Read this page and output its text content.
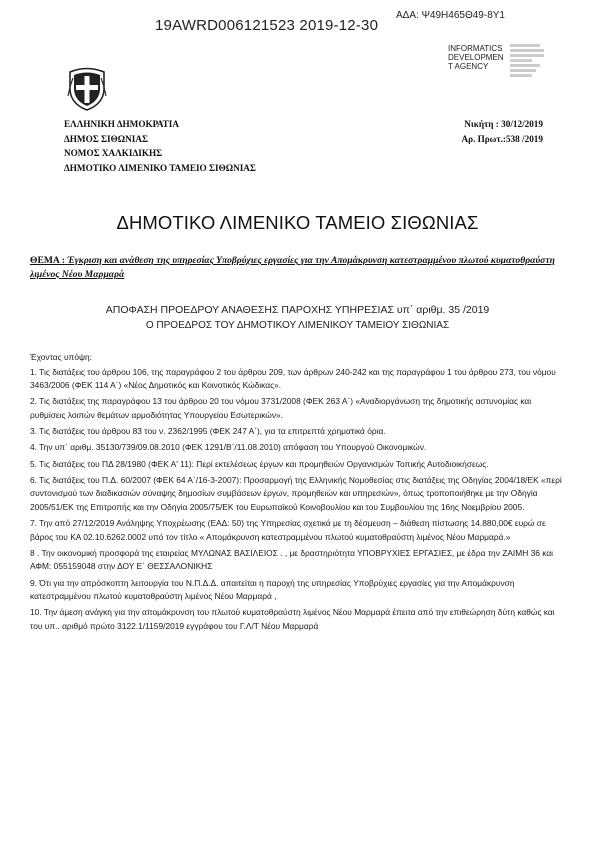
19AWRD006121523 2019-12-30
ΑΔΑ: Ψ49Η465Θ49-8Υ1
INFORMATICS
DEVELOPMEN
T AGENCY
ΕΛΛΗΝΙΚΗ ΔΗΜΟΚΡΑΤΙΑ
ΔΗΜΟΣ ΣΙΘΩΝΙΑΣ
ΝΟΜΟΣ ΧΑΛΚΙΔΙΚΗΣ
ΔΗΜΟΤΙΚΟ ΛΙΜΕΝΙΚΟ ΤΑΜΕΙΟ ΣΙΘΩΝΙΑΣ
Νικήτη : 30/12/2019
Αρ. Πρωτ.:538 /2019
ΔΗΜΟΤΙΚΟ ΛΙΜΕΝΙΚΟ ΤΑΜΕΙΟ ΣΙΘΩΝΙΑΣ
ΘΕΜΑ : Έγκριση και ανάθεση της υπηρεσίας Υποβρύχιες εργασίες για την Απομάκρυνση κατεστραμμένου πλωτού κυματοθραύστη λιμένος Νέου Μαρμαρά
ΑΠΟΦΑΣΗ ΠΡΟΕΔΡΟΥ ΑΝΑΘΕΣΗΣ ΠΑΡΟΧΗΣ ΥΠΗΡΕΣΙΑΣ υπ΄ αριθμ. 35 /2019
Ο ΠΡΟΕΔΡΟΣ ΤΟΥ ΔΗΜΟΤΙΚΟΥ ΛΙΜΕΝΙΚΟΥ ΤΑΜΕΙΟΥ ΣΙΘΩΝΙΑΣ

Έχοντας υπόψη:

1. Τις διατάξεις του άρθρου 106, της παραγράφου 2 του άρθρου 209, των άρθρων 240-242 και της παραγράφου 1 του άρθρου 273, του νόμου 3463/2006 (ΦΕΚ 114 Α΄) «Νέος Δημοτικός και Κοινοτικός Κώδικας».

2. Τις διατάξεις της παραγράφου 13 του άρθρου 20 του νόμου 3731/2008 (ΦΕΚ 263 Α΄) «Αναδιοργάνωση της δημοτικής αστυνομίας και ρυθμίσεις λοιπών θεμάτων αρμοδιότητας Υπουργείου Εσωτερικών».

3. Τις διατάξεις του άρθρου 83 του ν. 2362/1995 (ΦΕΚ 247 Α΄), για τα επιτρεπτά χρηματικά όρια.

4. Την υπ΄ αριθμ. 35130/739/09.08.2010 (ΦΕΚ 1291/Β΄/11.08.2010) απόφαση του Υπουργού Οικονομικών.

5. Τις διατάξεις του ΠΔ 28/1980 (ΦΕΚ Α' 11): Περί εκτελέσεως έργων και προμηθειών Οργανισμών Τοπικής Αυτοδιοικήσεως.

6. Τις διατάξεις του Π.Δ. 60/2007 (ΦΕΚ 64 Α΄/16-3-2007): Προσαρμογή της Ελληνικής Νομοθεσίας στις διατάξεις της Οδηγίας 2004/18/ΕΚ «περί συντονισμού των διαδικασιών σύναψης δημοσίων συμβάσεων έργων, προμηθειών και υπηρεσιών», όπως τροποποιήθηκε με την Οδηγία 2005/51/ΕΚ της Επιτροπής και την Οδηγία 2005/75/ΕΚ του Ευρωπαϊκού Κοινοβουλίου και του Συμβουλίου της 16ης Νοεμβρίου 2005.

7. Την από 27/12/2019 Ανάληψης Υποχρέωσης (ΕΑΔ: 50) της Υπηρεσίας σχετικά με τη δέσμευση – διάθεση πίστωσης 14.880,00€ ευρώ σε βάρος του ΚΑ 02.10.6262.0002 υπό τον τίτλο « Απομάκρυνση κατεστραμμένου πλωτού κυματοθραύστη λιμένος Νέου Μαρμαρά.»

8 . Την οικονομική προσφορά της εταιρείας ΜΥΛΩΝΑΣ ΒΑΣΙΛΕΙΟΣ . , με δραστηριότητα ΥΠΟΒΡΥΧΙΕΣ ΕΡΓΑΣΙΕΣ, με έδρα την ΖΑΙΜΗ 36 και ΑΦΜ: 055159048 στην ΔΟΥ Ε΄ ΘΕΣΣΑΛΟΝΙΚΗΣ

9. Ότι για την απρόσκοπτη λειτουργία του Ν.Π.Δ.Δ. απαιτείται η παροχή της υπηρεσίας Υποβρύχιες εργασίες για την Απομάκρυνση κατεστραμμένου πλωτού κυματοθραύστη λιμένος Νέου Μαρμαρά ,

10. Την άμεση ανάγκη για την απομάκρυνση του πλωτού κυματοθραύστη λιμένος Νέου Μαρμαρά έπειτα από την επιθεώρηση δύτη καθώς και του υπ.. αριθμό πρώτο 3122.1/1159/2019 εγγράφου του Γ.Λ/Τ Νέου Μαρμαρά
